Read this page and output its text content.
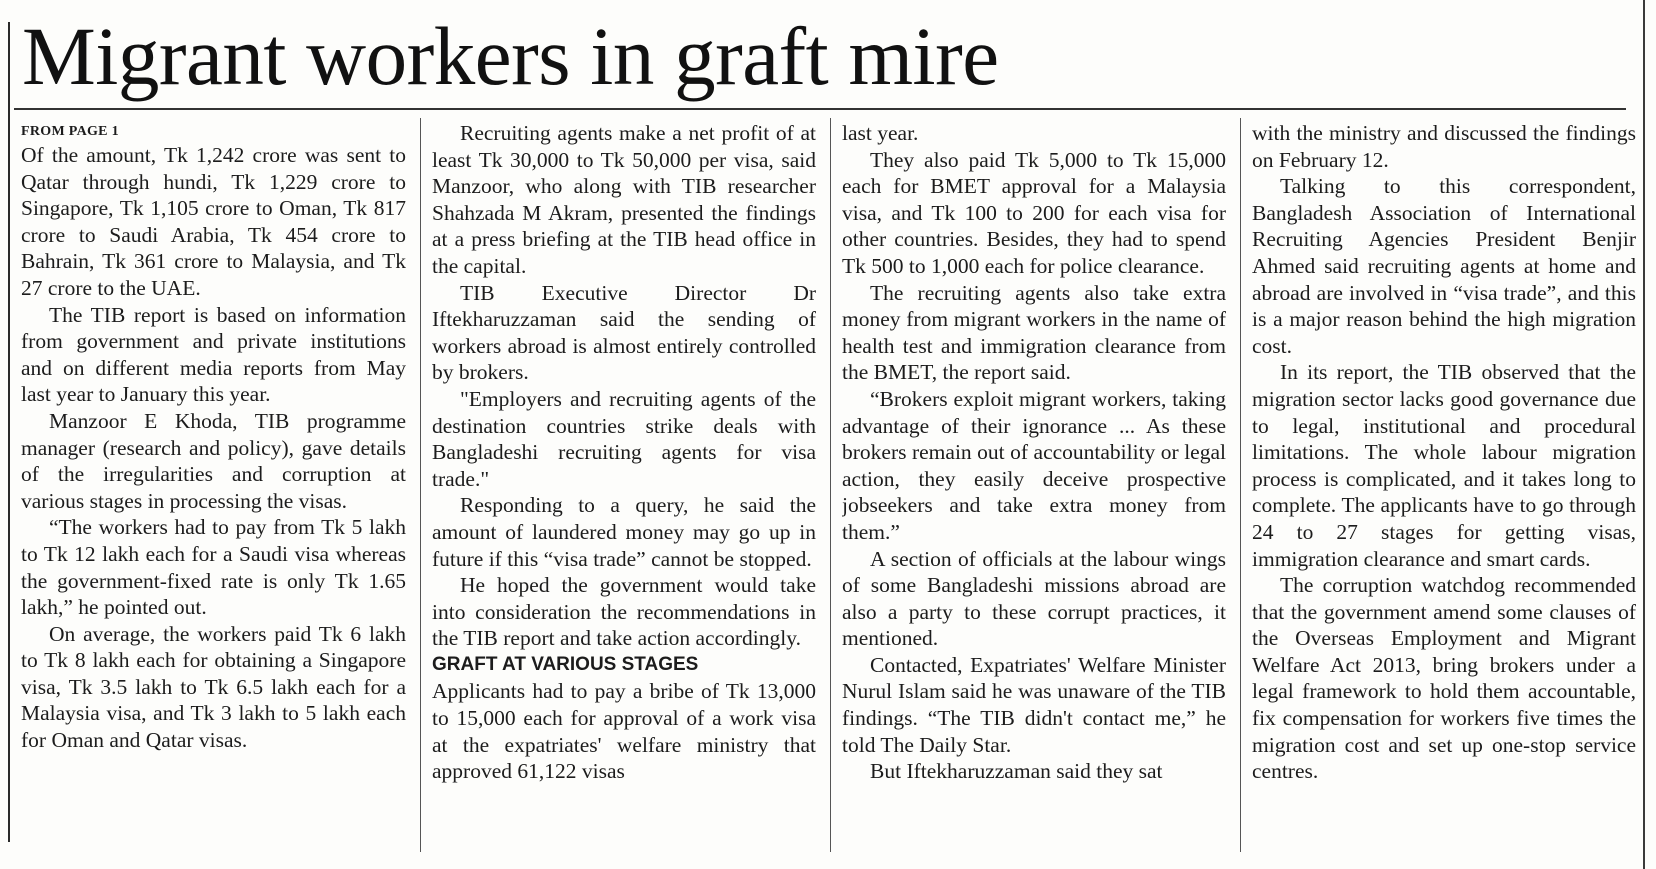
Migrant workers in graft mire

FROM PAGE 1

Of the amount, Tk 1,242 crore was sent to Qatar through hundi, Tk 1,229 crore to Singapore, Tk 1,105 crore to Oman, Tk 817 crore to Saudi Arabia, Tk 454 crore to Bahrain, Tk 361 crore to Malaysia, and Tk 27 crore to the UAE.

The TIB report is based on information from government and private institutions and on different media reports from May last year to January this year.

Manzoor E Khoda, TIB programme manager (research and policy), gave details of the irregularities and corruption at various stages in processing the visas.

“The workers had to pay from Tk 5 lakh to Tk 12 lakh each for a Saudi visa whereas the government-fixed rate is only Tk 1.65 lakh,” he pointed out.

On average, the workers paid Tk 6 lakh to Tk 8 lakh each for obtaining a Singapore visa, Tk 3.5 lakh to Tk 6.5 lakh each for a Malaysia visa, and Tk 3 lakh to 5 lakh each for Oman and Qatar visas.

Recruiting agents make a net profit of at least Tk 30,000 to Tk 50,000 per visa, said Manzoor, who along with TIB researcher Shahzada M Akram, presented the findings at a press briefing at the TIB head office in the capital.

TIB Executive Director Dr Iftekharuzzaman said the sending of workers abroad is almost entirely controlled by brokers.

"Employers and recruiting agents of the destination countries strike deals with Bangladeshi recruiting agents for visa trade."

Responding to a query, he said the amount of laundered money may go up in future if this “visa trade” cannot be stopped.

He hoped the government would take into consideration the recommendations in the TIB report and take action accordingly.

GRAFT AT VARIOUS STAGES

Applicants had to pay a bribe of Tk 13,000 to 15,000 each for approval of a work visa at the expatriates' welfare ministry that approved 61,122 visas

last year.

They also paid Tk 5,000 to Tk 15,000 each for BMET approval for a Malaysia visa, and Tk 100 to 200 for each visa for other countries. Besides, they had to spend Tk 500 to 1,000 each for police clearance.

The recruiting agents also take extra money from migrant workers in the name of health test and immigration clearance from the BMET, the report said.

“Brokers exploit migrant workers, taking advantage of their ignorance ... As these brokers remain out of accountability or legal action, they easily deceive prospective jobseekers and take extra money from them.”

A section of officials at the labour wings of some Bangladeshi missions abroad are also a party to these corrupt practices, it mentioned.

Contacted, Expatriates' Welfare Minister Nurul Islam said he was unaware of the TIB findings. “The TIB didn't contact me,” he told The Daily Star.

But Iftekharuzzaman said they sat

with the ministry and discussed the findings on February 12.

Talking to this correspondent, Bangladesh Association of International Recruiting Agencies President Benjir Ahmed said recruiting agents at home and abroad are involved in “visa trade”, and this is a major reason behind the high migration cost.

In its report, the TIB observed that the migration sector lacks good governance due to legal, institutional and procedural limitations. The whole labour migration process is complicated, and it takes long to complete. The applicants have to go through 24 to 27 stages for getting visas, immigration clearance and smart cards.

The corruption watchdog recommended that the government amend some clauses of the Overseas Employment and Migrant Welfare Act 2013, bring brokers under a legal framework to hold them accountable, fix compensation for workers five times the migration cost and set up one-stop service centres.
